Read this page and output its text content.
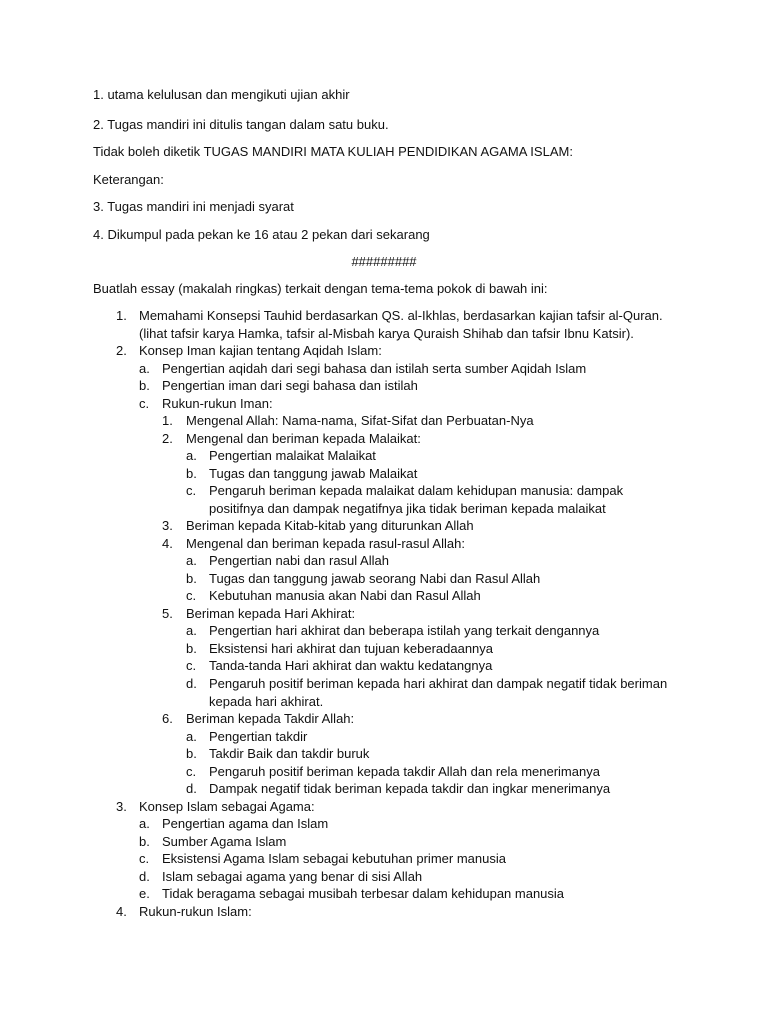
1. utama kelulusan dan mengikuti ujian akhir
2. Tugas mandiri ini ditulis tangan dalam satu buku.
Tidak boleh diketik TUGAS MANDIRI MATA KULIAH PENDIDIKAN AGAMA ISLAM:
Keterangan:
3. Tugas mandiri ini menjadi syarat
4. Dikumpul pada pekan ke 16 atau 2 pekan dari sekarang
#########
Buatlah essay (makalah ringkas) terkait dengan tema-tema pokok di bawah ini:
1. Memahami Konsepsi Tauhid berdasarkan QS. al-Ikhlas, berdasarkan kajian tafsir al-Quran.
(lihat tafsir karya Hamka, tafsir al-Misbah karya Quraish Shihab dan tafsir Ibnu Katsir).
2. Konsep Iman kajian tentang Aqidah Islam:
a. Pengertian aqidah dari segi bahasa dan istilah serta sumber Aqidah Islam
b. Pengertian iman dari segi bahasa dan istilah
c. Rukun-rukun Iman:
1. Mengenal Allah: Nama-nama, Sifat-Sifat dan Perbuatan-Nya
2. Mengenal dan beriman kepada Malaikat:
a. Pengertian malaikat Malaikat
b. Tugas dan tanggung jawab Malaikat
c. Pengaruh beriman kepada malaikat dalam kehidupan manusia: dampak
positifnya dan dampak negatifnya jika tidak beriman kepada malaikat
3. Beriman kepada Kitab-kitab yang diturunkan Allah
4. Mengenal dan beriman kepada rasul-rasul Allah:
a. Pengertian nabi dan rasul Allah
b. Tugas dan tanggung jawab seorang Nabi dan Rasul Allah
c. Kebutuhan manusia akan Nabi dan Rasul Allah
5. Beriman kepada Hari Akhirat:
a. Pengertian hari akhirat dan beberapa istilah yang terkait dengannya
b. Eksistensi hari akhirat dan tujuan keberadaannya
c. Tanda-tanda Hari akhirat dan waktu kedatangnya
d. Pengaruh positif beriman kepada hari akhirat dan dampak negatif tidak beriman
kepada hari akhirat.
6. Beriman kepada Takdir Allah:
a. Pengertian takdir
b. Takdir Baik dan takdir buruk
c. Pengaruh positif beriman kepada takdir Allah dan rela menerimanya
d. Dampak negatif tidak beriman kepada takdir dan ingkar menerimanya
3. Konsep Islam sebagai Agama:
a. Pengertian agama dan Islam
b. Sumber Agama Islam
c. Eksistensi Agama Islam sebagai kebutuhan primer manusia
d. Islam sebagai agama yang benar di sisi Allah
e. Tidak beragama sebagai musibah terbesar dalam kehidupan manusia
4. Rukun-rukun Islam:
